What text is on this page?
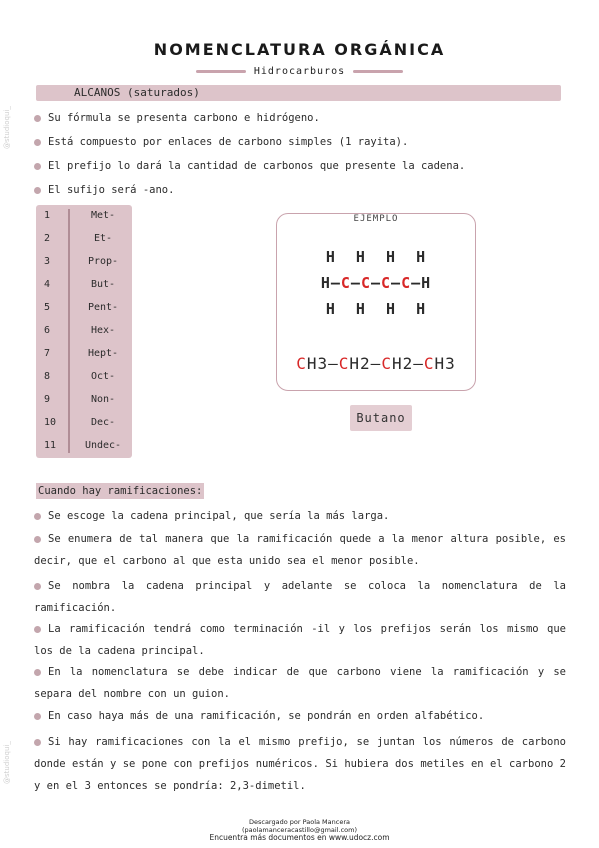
NOMENCLATURA ORGÁNICA
Hidrocarburos
@studioqui_
@studioqui_
ALCANOS (saturados)
Su fórmula se presenta carbono e hidrógeno.
Está compuesto por enlaces de carbono simples (1 rayita).
El prefijo lo dará la cantidad de carbonos que presente la cadena.
El sufijo será -ano.
1	Met-
2	Et-
3	Prop-
4	But-
5	Pent-
6	Hex-
7	Hept-
8	Oct-
9	Non-
10	Dec-
11	Undec-
EJEMPLO
H  H  H  H
H–C–C–C–C–H
H  H  H  H
CH3–CH2–CH2–CH3
Butano
Cuando hay ramificaciones:
Se escoge la cadena principal, que sería la más larga.
Se enumera de tal manera que la ramificación quede a la menor altura posible, es decir, que el carbono al que esta unido sea el menor posible.
Se nombra la cadena principal y adelante se coloca la nomenclatura de la ramificación.
La ramificación tendrá como terminación -il y los prefijos serán los mismo que los de la cadena principal.
En la nomenclatura se debe indicar de que carbono viene la ramificación y se separa del nombre con un guion.
En caso haya más de una ramificación, se pondrán en orden alfabético.
Si hay ramificaciones con la el mismo prefijo, se juntan los números de carbono donde están y se pone con prefijos numéricos. Si hubiera dos metiles en el carbono 2 y en el 3 entonces se pondría: 2,3-dimetil.
Descargado por Paola Mancera
(paolamanceracastillo@gmail.com)
Encuentra más documentos en www.udocz.com
